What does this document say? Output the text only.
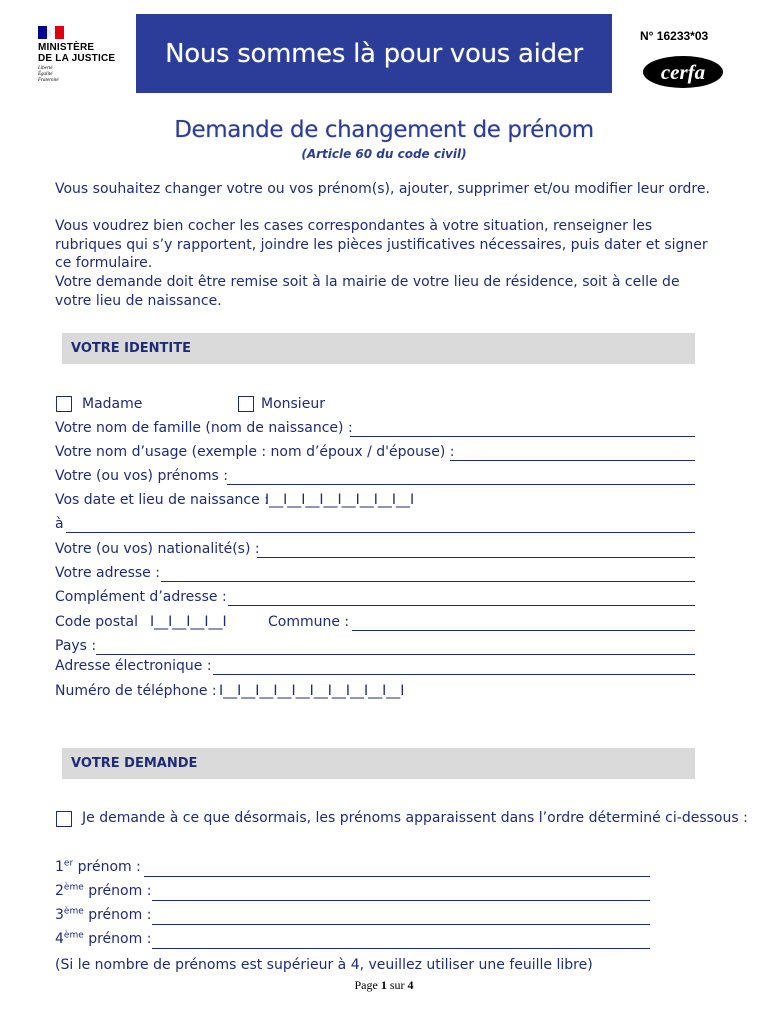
MINISTÈRE
DE LA JUSTICE
Liberté
Égalité
Fraternité
Nous sommes là pour vous aider
N° 16233*03
cerfa
Demande de changement de prénom
(Article 60 du code civil)
Vous souhaitez changer votre ou vos prénom(s), ajouter, supprimer et/ou modifier leur ordre.
Vous voudrez bien cocher les cases correspondantes à votre situation, renseigner les rubriques qui s’y rapportent, joindre les pièces justificatives nécessaires, puis dater et signer ce formulaire.
Votre demande doit être remise soit à la mairie de votre lieu de résidence, soit à celle de votre lieu de naissance.
VOTRE IDENTITE
Madame	Monsieur
Votre nom de famille (nom de naissance) :
Votre nom d’usage (exemple : nom d’époux / d'épouse) :
Votre (ou vos) prénoms :
Vos date et lieu de naissance :
I__I__I__I__I__I__I__I__I
à
Votre (ou vos) nationalité(s) :
Votre adresse :
Complément d’adresse :
Code postal I__I__I__I__I	Commune :
Pays :
Adresse électronique :
Numéro de téléphone : I__I__I__I__I__I__I__I__I__I__I
VOTRE DEMANDE
Je demande à ce que désormais, les prénoms apparaissent dans l’ordre déterminé ci-dessous :
1er prénom :
2ème prénom :
3ème prénom :
4ème prénom :
(Si le nombre de prénoms est supérieur à 4, veuillez utiliser une feuille libre)
Page 1 sur 4
